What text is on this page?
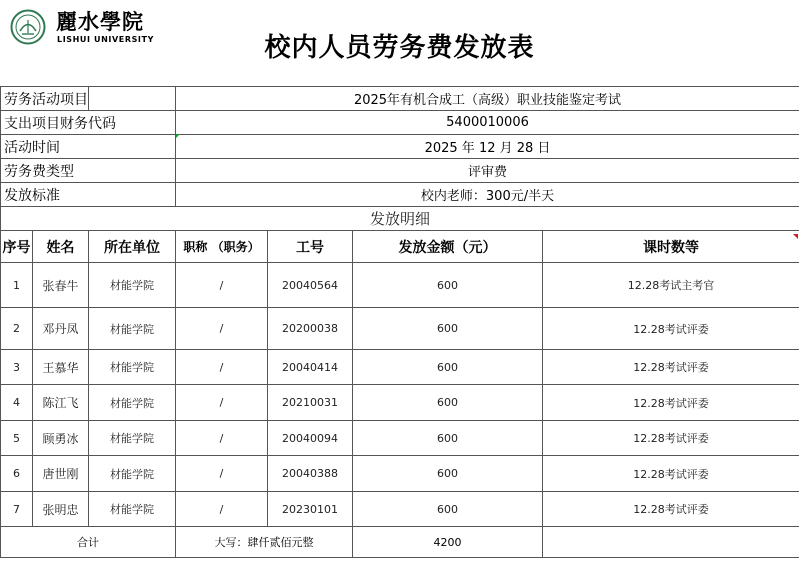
麗水學院
LISHUI UNIVERSITY	校内人员劳务费发放表
劳务活动项目			2025年有机合成工（高级）职业技能鉴定考试			
支出项目财务代码			5400010006			
活动时间			2025 年 12 月 28 日			
劳务费类型			评审费			
发放标准			校内老师：300元/半天			
发放明细						
序号	姓名	所在单位	职称 （职务）	工号	发放金额（元）	课时数等
1	张春牛	材能学院	/	20040564	600	12.28考试主考官
2	邓丹凤	材能学院	/	20200038	600	12.28考试评委
3	王慕华	材能学院	/	20040414	600	12.28考试评委
4	陈江飞	材能学院	/	20210031	600	12.28考试评委
5	顾勇冰	材能学院	/	20040094	600	12.28考试评委
6	唐世刚	材能学院	/	20040388	600	12.28考试评委
7	张明忠	材能学院	/	20230101	600	12.28考试评委
合计			大写：肆仟贰佰元整		4200	
